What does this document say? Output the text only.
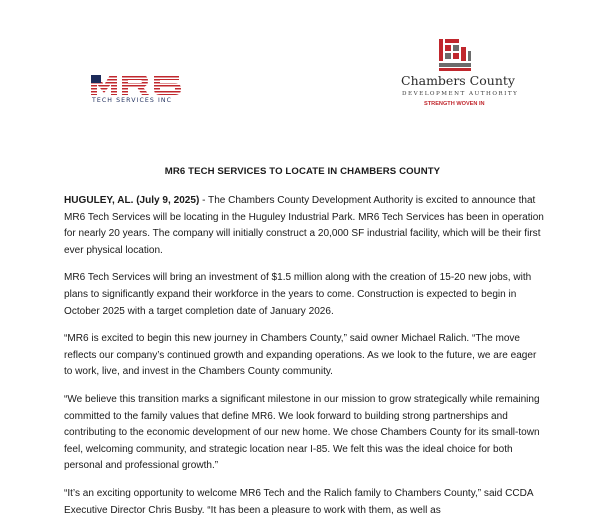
TECH SERVICES INC
Chambers County
DEVELOPMENT AUTHORITY
STRENGTH WOVEN IN
MR6 TECH SERVICES TO LOCATE IN CHAMBERS COUNTY

HUGULEY, AL. (July 9, 2025) - The Chambers County Development Authority is excited to announce that MR6 Tech Services will be locating in the Huguley Industrial Park. MR6 Tech Services has been in operation for nearly 20 years. The company will initially construct a 20,000 SF industrial facility, which will be their first ever physical location.

MR6 Tech Services will bring an investment of $1.5 million along with the creation of 15-20 new jobs, with plans to significantly expand their workforce in the years to come. Construction is expected to begin in October 2025 with a target completion date of January 2026.

“MR6 is excited to begin this new journey in Chambers County,” said owner Michael Ralich. “The move reflects our company’s continued growth and expanding operations. As we look to the future, we are eager to work, live, and invest in the Chambers County community.

“We believe this transition marks a significant milestone in our mission to grow strategically while remaining committed to the family values that define MR6. We look forward to building strong partnerships and contributing to the economic development of our new home. We chose Chambers County for its small-town feel, welcoming community, and strategic location near I-85. We felt this was the ideal choice for both personal and professional growth.”

“It’s an exciting opportunity to welcome MR6 Tech and the Ralich family to Chambers County,” said CCDA Executive Director Chris Busby. “It has been a pleasure to work with them, as well as
